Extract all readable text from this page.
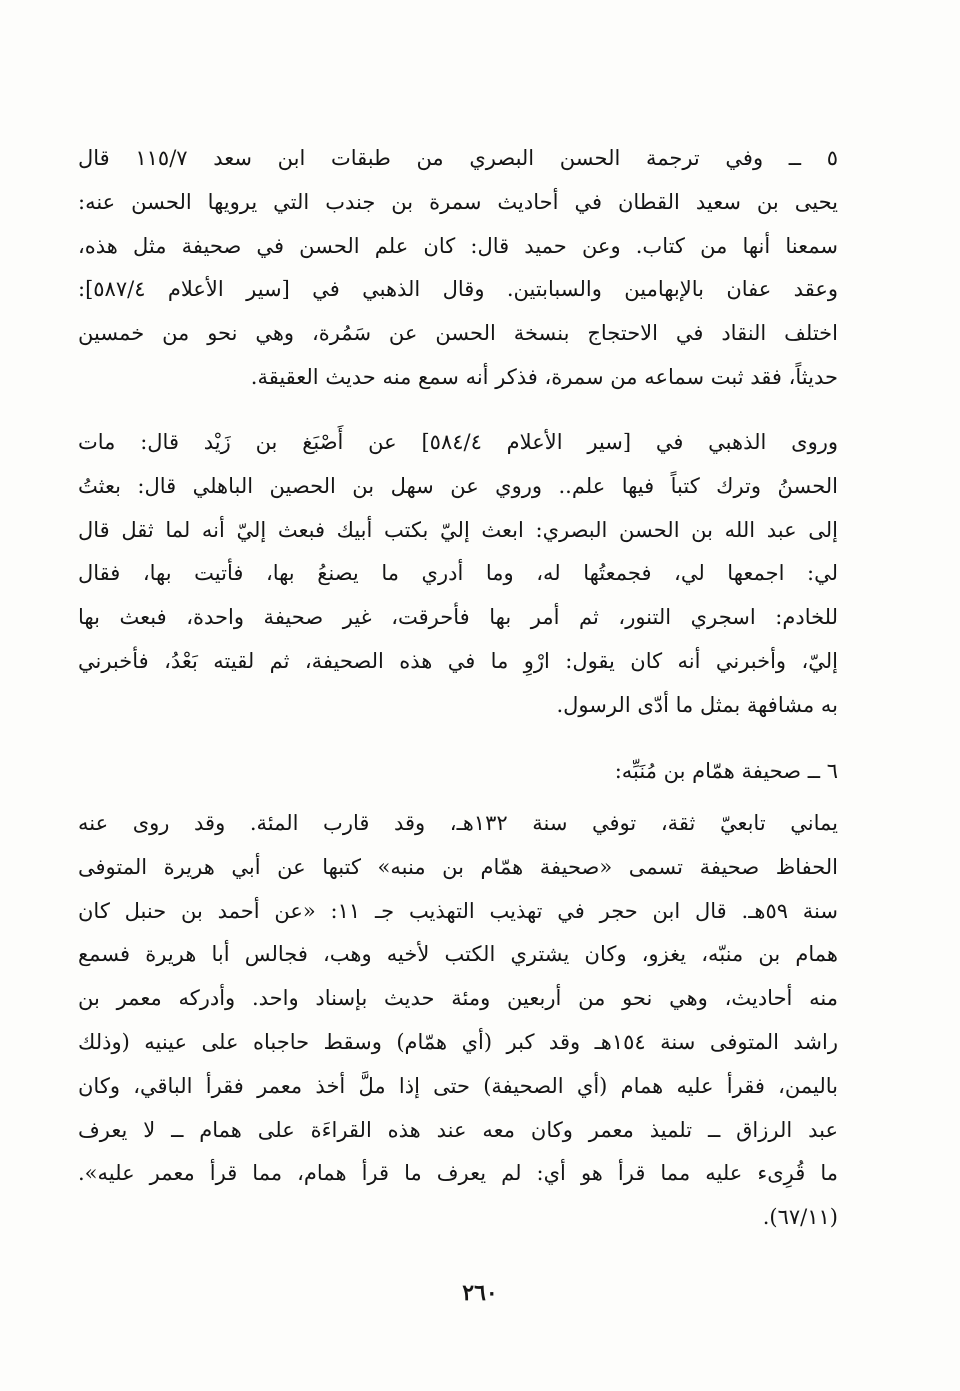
٥ ــ وفي ترجمة الحسن البصري من طبقات ابن سعد ١١٥/٧ قال
يحيى بن سعيد القطان في أحاديث سمرة بن جندب التي يرويها الحسن عنه:
سمعنا أنها من كتاب. وعن حميد قال: كان علم الحسن في صحيفة مثل هذه،
وعقد عفان بالإبهامين والسبابتين. وقال الذهبي في [سير الأعلام ٥٨٧/٤]:
اختلف النقاد في الاحتجاج بنسخة الحسن عن سَمُرة، وهي نحو من خمسين
حديثاً، فقد ثبت سماعه من سمرة، فذكر أنه سمع منه حديث العقيقة.
وروى الذهبي في [سير الأعلام ٥٨٤/٤] عن أَصْبَغ بن زَيْد قال: مات
الحسنُ وترك كتباً فيها علم.. وروي عن سهل بن الحصين الباهلي قال: بعثتُ
إلى عبد الله بن الحسن البصري: ابعث إليّ بكتب أبيك فبعث إليّ أنه لما ثقل قال
لي: اجمعها لي، فجمعتُها له، وما أدري ما يصنعُ بها، فأتيت بها، فقال
للخادم: اسجري التنور، ثم أمر بها فأحرقت، غير صحيفة واحدة، فبعث بها
إليّ، وأخبرني أنه كان يقول: ارْوِ ما في هذه الصحيفة، ثم لقيته بَعْدُ، فأخبرني
به مشافهة بمثل ما أدّى الرسول.
٦ ــ صحيفة همّام بن مُنَبِّه:
يماني تابعيّ ثقة، توفي سنة ١٣٢هـ، وقد قارب المئة. وقد روى عنه
الحفاظ صحيفة تسمى «صحيفة همّام بن منبه» كتبها عن أبي هريرة المتوفى
سنة ٥٩هـ. قال ابن حجر في تهذيب التهذيب جـ ١١: «عن أحمد بن حنبل كان
همام بن منبّه، يغزو، وكان يشتري الكتب لأخيه وهب، فجالس أبا هريرة فسمع
منه أحاديث، وهي نحو من أربعين ومئة حديث بإسناد واحد. وأدركه معمر بن
راشد المتوفى سنة ١٥٤هـ وقد كبر (أي همّام) وسقط حاجباه على عينيه (وذلك
باليمن، فقرأ عليه همام (أي الصحيفة) حتى إذا ملَّ أخذ معمر فقرأ الباقي، وكان
عبد الرزاق ــ تلميذ معمر وكان معه عند هذه القراءَة على همام ــ لا يعرف
ما قُرِىء عليه مما قرأ هو أي: لم يعرف ما قرأ همام، مما قرأ معمر عليه».
(٦٧/١١).
٢٦٠
